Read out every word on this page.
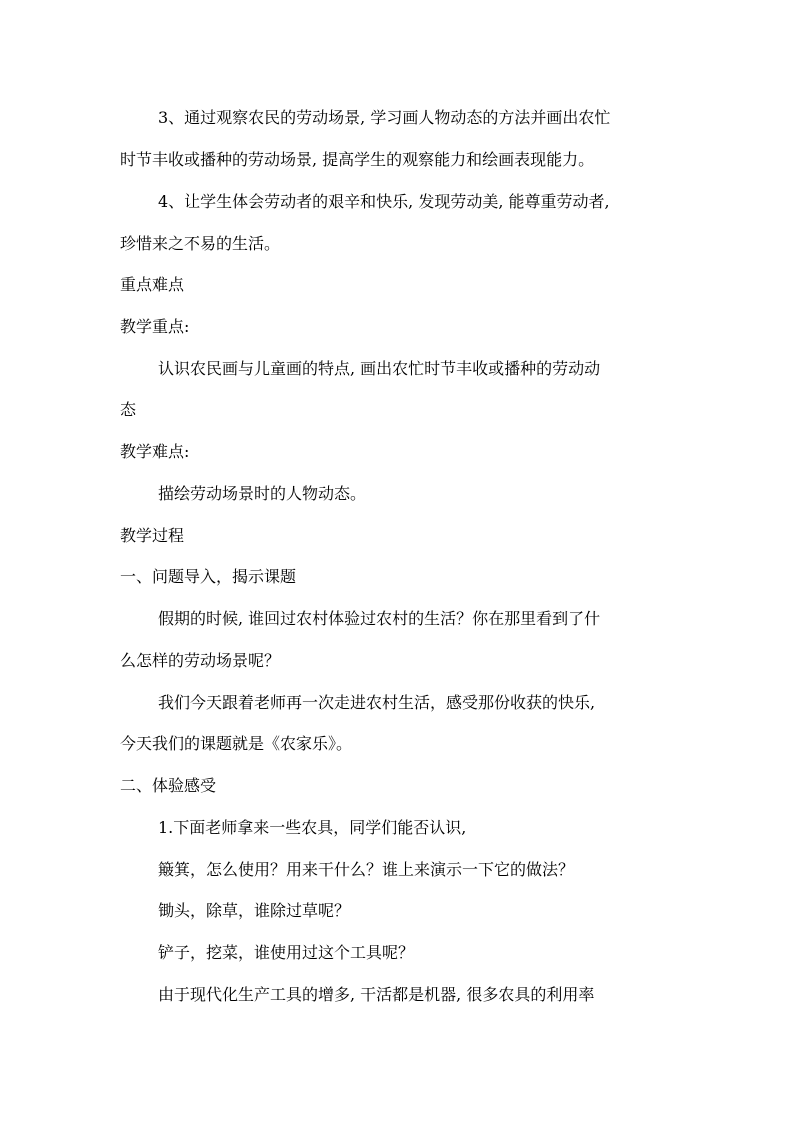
3、通过观察农民的劳动场景, 学习画人物动态的方法并画出农忙
时节丰收或播种的劳动场景, 提高学生的观察能力和绘画表现能力。
4、让学生体会劳动者的艰辛和快乐, 发现劳动美, 能尊重劳动者,
珍惜来之不易的生活。
重点难点
教学重点:
认识农民画与儿童画的特点, 画出农忙时节丰收或播种的劳动动
态
教学难点:
描绘劳动场景时的人物动态。
教学过程
一、问题导入，揭示课题
假期的时候, 谁回过农村体验过农村的生活？你在那里看到了什
么怎样的劳动场景呢？
我们今天跟着老师再一次走进农村生活，感受那份收获的快乐,
今天我们的课题就是《农家乐》。
二、体验感受
1.下面老师拿来一些农具，同学们能否认识,
簸箕，怎么使用？用来干什么？谁上来演示一下它的做法？
锄头，除草，谁除过草呢？
铲子，挖菜，谁使用过这个工具呢？
由于现代化生产工具的增多, 干活都是机器, 很多农具的利用率
